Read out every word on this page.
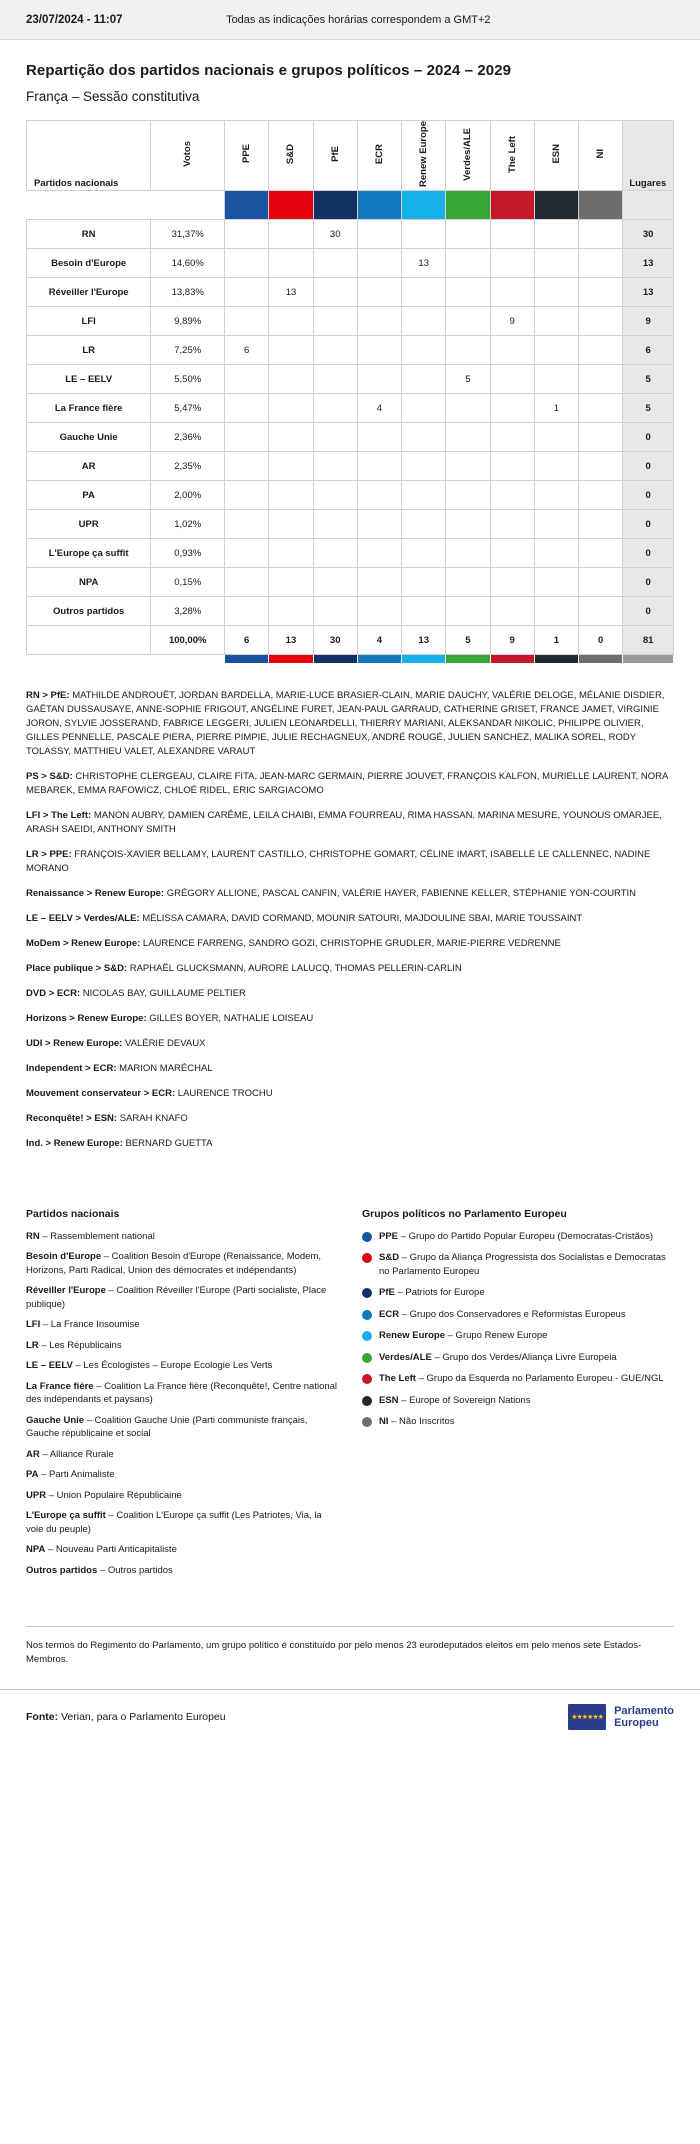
23/07/2024 - 11:07	Todas as indicações horárias correspondem a GMT+2
Repartição dos partidos nacionais e grupos políticos – 2024 – 2029
França – Sessão constitutiva
Partidos nacionais	Votos	PPE	S&D	PfE	ECR	Renew Europe	Verdes/ALE	The Left	ESN	NI	Lugares

RN	31,37%			30							30
Besoin d'Europe	14,60%					13					13
Réveiller l'Europe	13,83%		13								13
LFI	9,89%							9			9
LR	7,25%	6									6
LE – EELV	5,50%						5				5
La France fière	5,47%				4				1		5
Gauche Unie	2,36%										0
AR	2,35%										0
PA	2,00%										0
UPR	1,02%										0
L'Europe ça suffit	0,93%										0
NPA	0,15%										0
Outros partidos	3,28%										0
	100,00%	6	13	30	4	13	5	9	1	0	81

RN > PfE: MATHILDE ANDROUËT, JORDAN BARDELLA, MARIE-LUCE BRASIER-CLAIN, MARIE DAUCHY, VALÉRIE DELOGE, MÉLANIE DISDIER, GAËTAN DUSSAUSAYE, ANNE-SOPHIE FRIGOUT, ANGÉLINE FURET, JEAN-PAUL GARRAUD, CATHERINE GRISET, FRANCE JAMET, VIRGINIE JORON, SYLVIE JOSSERAND, FABRICE LEGGERI, JULIEN LEONARDELLI, THIERRY MARIANI, ALEKSANDAR NIKOLIC, PHILIPPE OLIVIER, GILLES PENNELLE, PASCALE PIERA, PIERRE PIMPIE, JULIE RECHAGNEUX, ANDRÉ ROUGÉ, JULIEN SANCHEZ, MALIKA SOREL, RODY TOLASSY, MATTHIEU VALET, ALEXANDRE VARAUT
PS > S&D: CHRISTOPHE CLERGEAU, CLAIRE FITA, JEAN-MARC GERMAIN, PIERRE JOUVET, FRANÇOIS KALFON, MURIELLE LAURENT, NORA MEBAREK, EMMA RAFOWICZ, CHLOÉ RIDEL, ERIC SARGIACOMO
LFI > The Left: MANON AUBRY, DAMIEN CARÊME, LEILA CHAIBI, EMMA FOURREAU, RIMA HASSAN, MARINA MESURE, YOUNOUS OMARJEE, ARASH SAEIDI, ANTHONY SMITH
LR > PPE: FRANÇOIS-XAVIER BELLAMY, LAURENT CASTILLO, CHRISTOPHE GOMART, CÉLINE IMART, ISABELLE LE CALLENNEC, NADINE MORANO
Renaissance > Renew Europe: GRÉGORY ALLIONE, PASCAL CANFIN, VALÉRIE HAYER, FABIENNE KELLER, STÉPHANIE YON-COURTIN
LE – EELV > Verdes/ALE: MÉLISSA CAMARA, DAVID CORMAND, MOUNIR SATOURI, MAJDOULINE SBAI, MARIE TOUSSAINT
MoDem > Renew Europe: LAURENCE FARRENG, SANDRO GOZI, CHRISTOPHE GRUDLER, MARIE-PIERRE VEDRENNE
Place publique > S&D: RAPHAËL GLUCKSMANN, AURORE LALUCQ, THOMAS PELLERIN-CARLIN
DVD > ECR: NICOLAS BAY, GUILLAUME PELTIER
Horizons > Renew Europe: GILLES BOYER, NATHALIE LOISEAU
UDI > Renew Europe: VALÉRIE DEVAUX
Independent > ECR: MARION MARÉCHAL
Mouvement conservateur > ECR: LAURENCE TROCHU
Reconquête! > ESN: SARAH KNAFO
Ind. > Renew Europe: BERNARD GUETTA
Partidos nacionais
RN – Rassemblement national
Besoin d'Europe – Coalition Besoin d'Europe (Renaissance, Modem, Horizons, Parti Radical, Union des démocrates et indépendants)
Réveiller l'Europe – Coalition Réveiller l'Europe (Parti socialiste, Place publique)
LFI – La France Insoumise
LR – Les Républicains
LE – EELV – Les Écologistes – Europe Ecologie Les Verts
La France fière – Coalition La France fière (Reconquête!, Centre national des indépendants et paysans)
Gauche Unie – Coalition Gauche Unie (Parti communiste français, Gauche républicaine et social
AR – Alliance Rurale
PA – Parti Animaliste
UPR – Union Populaire Républicaine
L'Europe ça suffit – Coalition L'Europe ça suffit (Les Patriotes, Via, la voie du peuple)
NPA – Nouveau Parti Anticapitaliste
Outros partidos – Outros partidos
Grupos políticos no Parlamento Europeu
PPE – Grupo do Partido Popular Europeu (Democratas-Cristãos)
S&D – Grupo da Aliança Progressista dos Socialistas e Democratas no Parlamento Europeu
PfE – Patriots for Europe
ECR – Grupo dos Conservadores e Reformistas Europeus
Renew Europe – Grupo Renew Europe
Verdes/ALE – Grupo dos Verdes/Aliança Livre Europeia
The Left – Grupo da Esquerda no Parlamento Europeu - GUE/NGL
ESN – Europe of Sovereign Nations
NI – Não Inscritos
Nos termos do Regimento do Parlamento, um grupo político é constituído por pelo menos 23 eurodeputados eleitos em pelo menos sete Estados-Membros.
Fonte: Verian, para o Parlamento Europeu	★★★★★★
Parlamento
Europeu
